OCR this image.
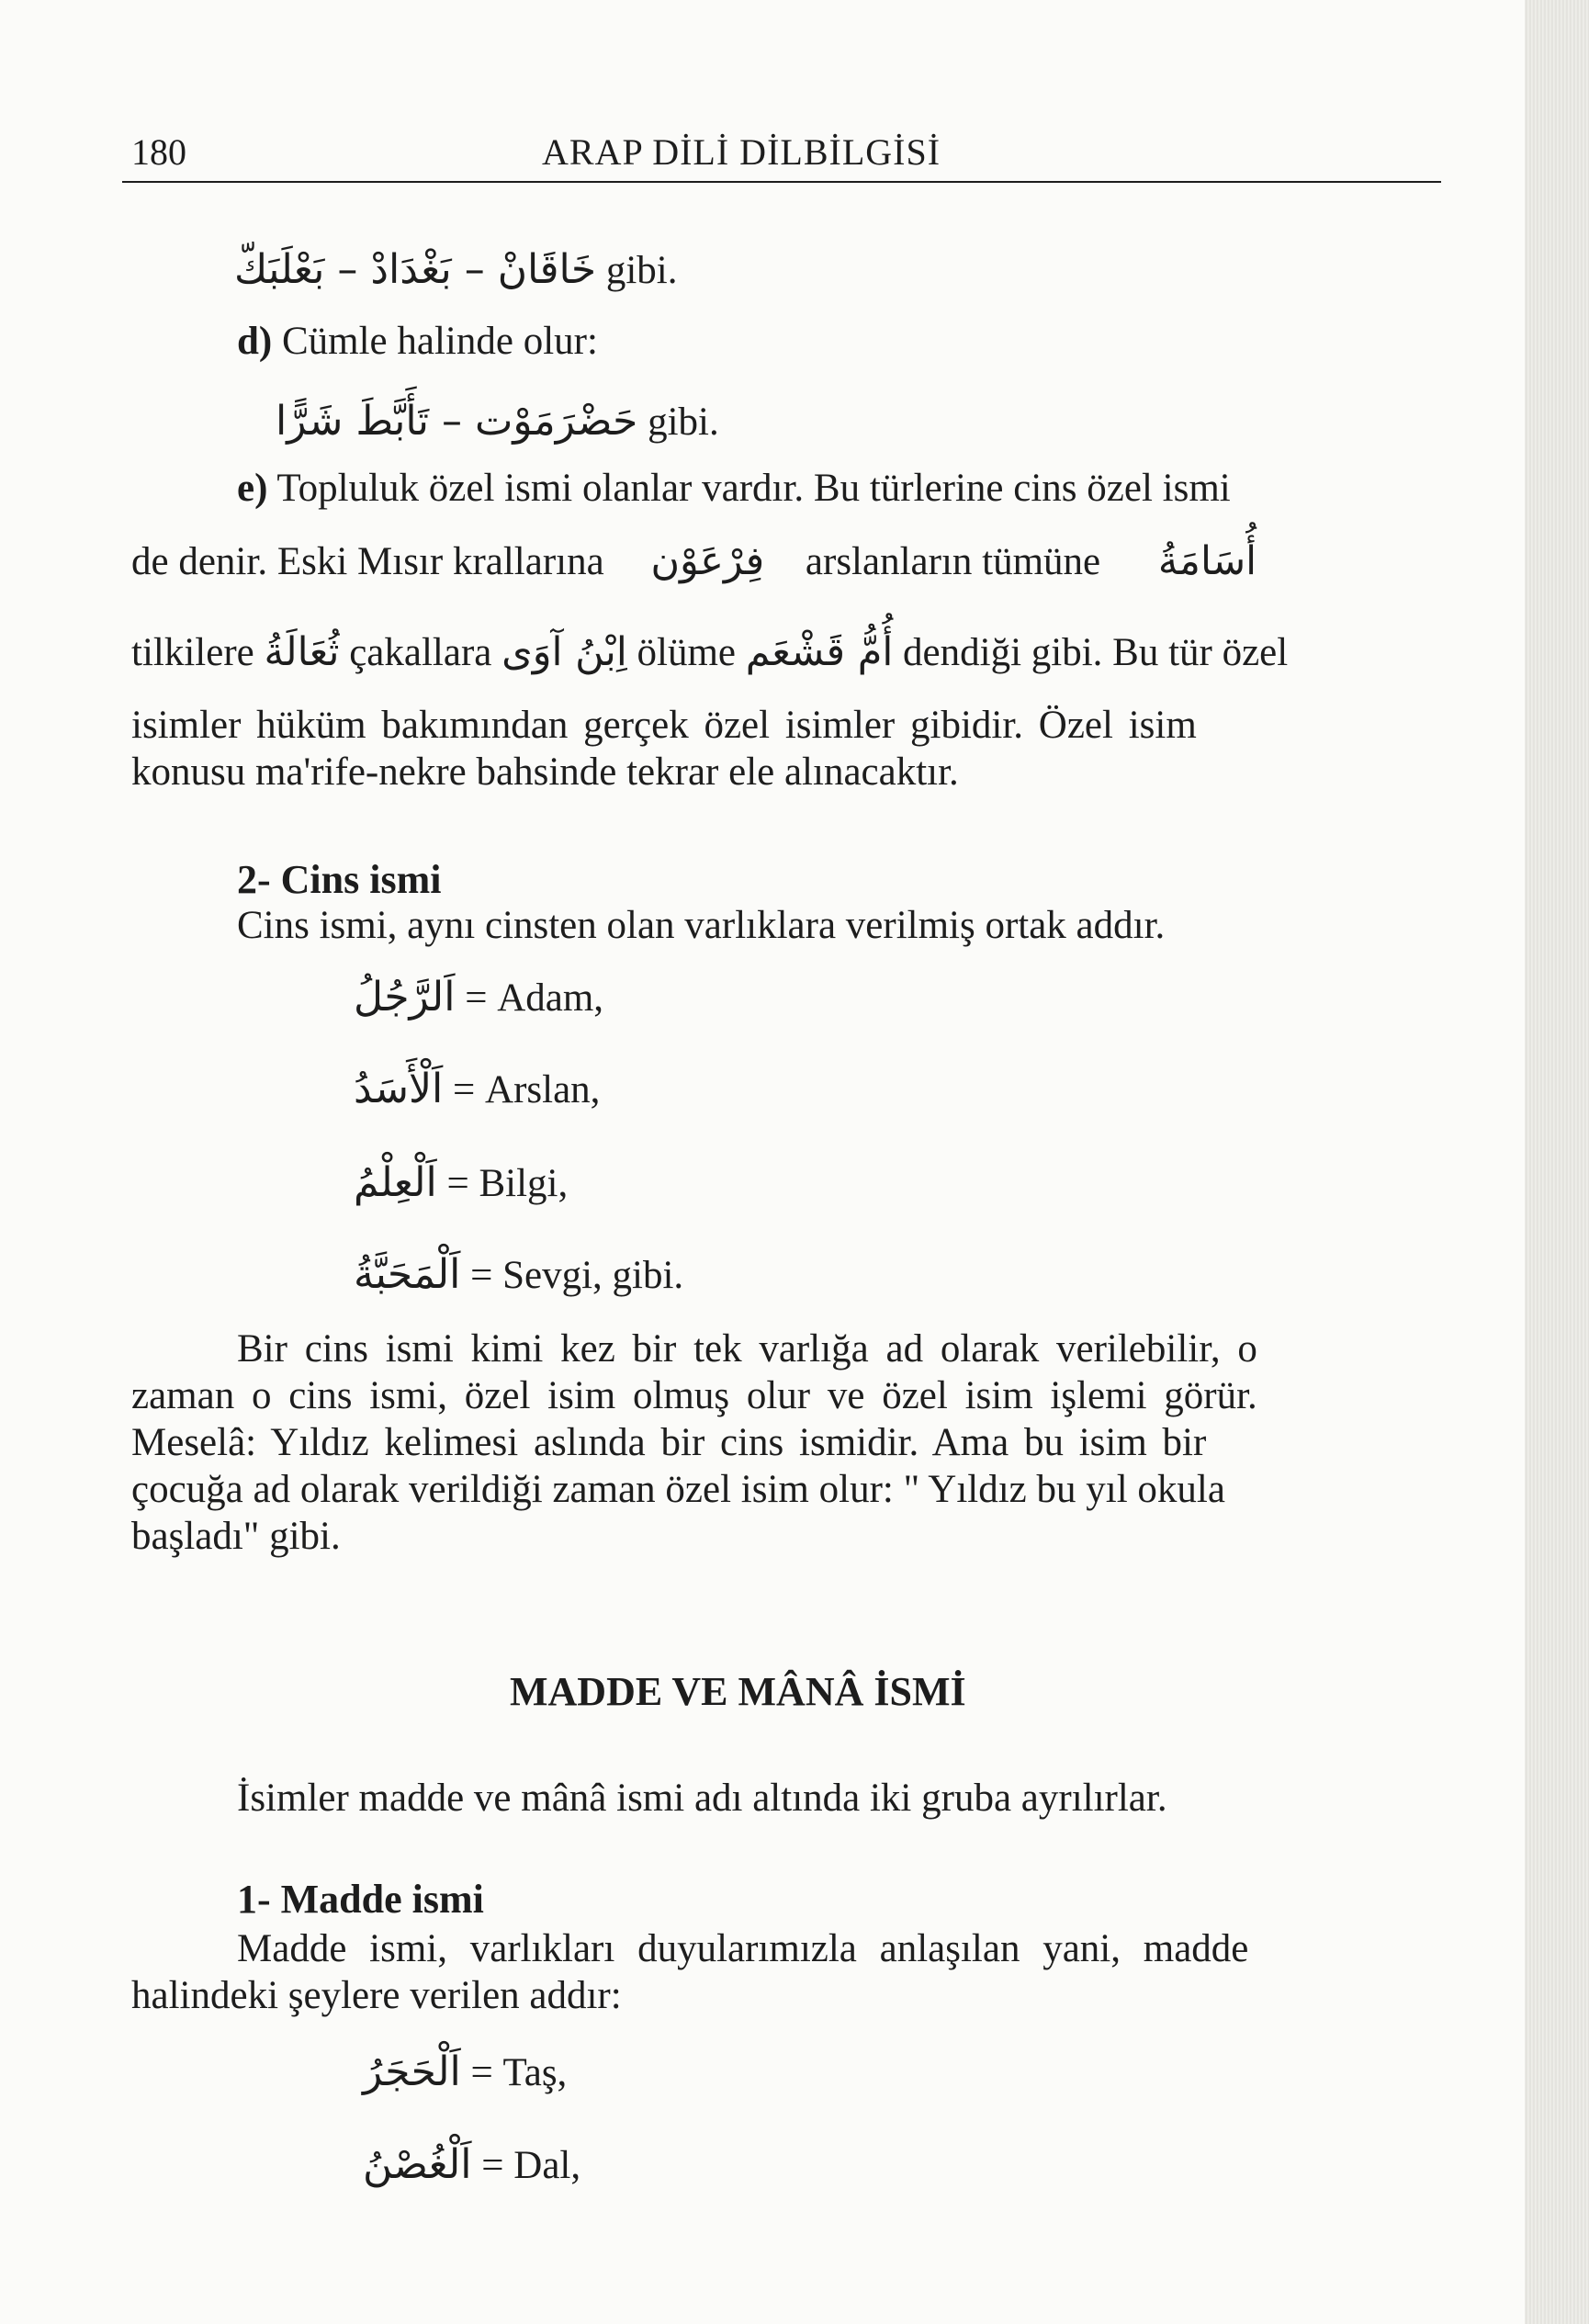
180	ARAP DİLİ DİLBİLGİSİ
خَاقَانْ – بَغْدَادْ – بَعْلَبَكّ gibi.
d) Cümle halinde olur:
حَضْرَمَوْت – تَأَبَّطَ شَرًّا gibi.
e) Topluluk özel ismi olanlar vardır. Bu türlerine cins özel ismi
de denir. Eski Mısır krallarına فِرْعَوْن arslanların tümüne أُسَامَةُ
tilkilere ثُعَالَةُ çakallara اِبْنُ آوَى ölüme أُمُّ قَشْعَم dendiği gibi. Bu tür özel
isimler hüküm bakımından gerçek özel isimler gibidir. Özel isim
konusu ma'rife-nekre bahsinde tekrar ele alınacaktır.
2- Cins ismi
Cins ismi, aynı cinsten olan varlıklara verilmiş ortak addır.
اَلرَّجُلُ = Adam,
اَلْأَسَدُ = Arslan,
اَلْعِلْمُ = Bilgi,
اَلْمَحَبَّةُ = Sevgi, gibi.
Bir cins ismi kimi kez bir tek varlığa ad olarak verilebilir, o
zaman o cins ismi, özel isim olmuş olur ve özel isim işlemi görür.
Meselâ: Yıldız kelimesi aslında bir cins ismidir. Ama bu isim bir
çocuğa ad olarak verildiği zaman özel isim olur: " Yıldız bu yıl okula
başladı" gibi.
MADDE VE MÂNÂ İSMİ
İsimler madde ve mânâ ismi adı altında iki gruba ayrılırlar.
1- Madde ismi
Madde ismi, varlıkları duyularımızla anlaşılan yani, madde
halindeki şeylere verilen addır:
اَلْحَجَرُ = Taş,
اَلْغُصْنُ = Dal,
